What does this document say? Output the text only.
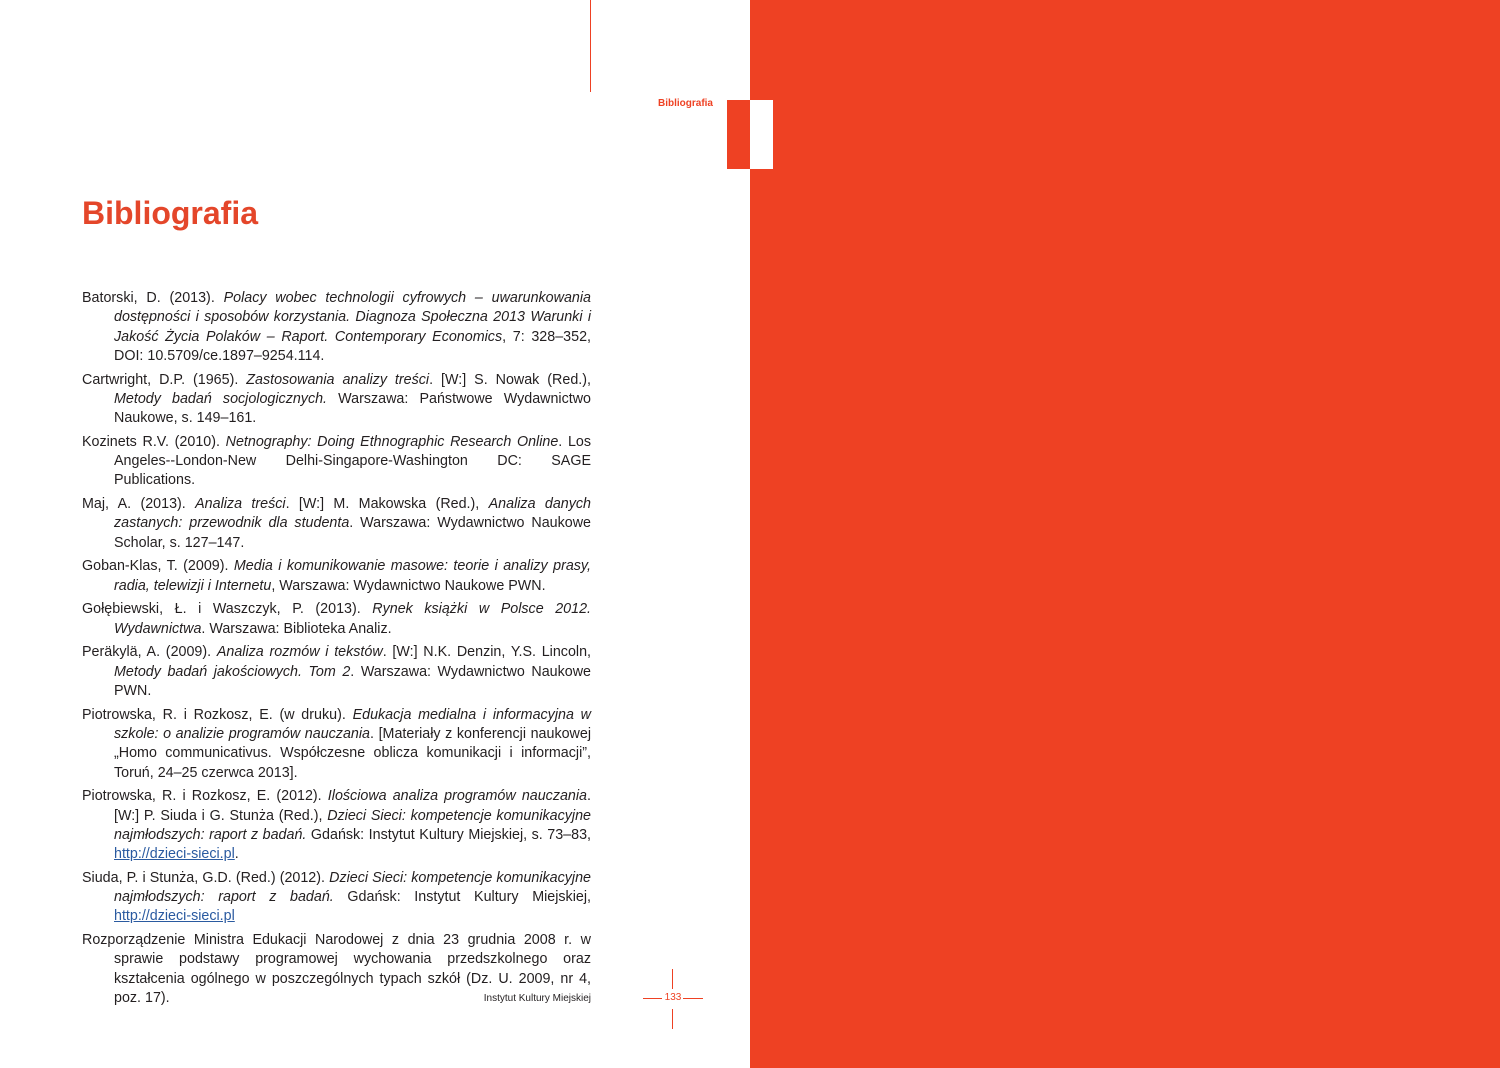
Bibliografia
Bibliografia
Batorski, D. (2013). Polacy wobec technologii cyfrowych – uwarunkowania dostępności i sposobów korzystania. Diagnoza Społeczna 2013 Warunki i Jakość Życia Polaków – Raport. Contemporary Economics, 7: 328–352, DOI: 10.5709/ce.1897–9254.114.
Cartwright, D.P. (1965). Zastosowania analizy treści. [W:] S. Nowak (Red.), Metody badań socjologicznych. Warszawa: Państwowe Wydawnictwo Naukowe, s. 149–161.
Kozinets R.V. (2010). Netnography: Doing Ethnographic Research Online. Los Angeles--London-New Delhi-Singapore-Washington DC: SAGE Publications.
Maj, A. (2013). Analiza treści. [W:] M. Makowska (Red.), Analiza danych zastanych: przewodnik dla studenta. Warszawa: Wydawnictwo Naukowe Scholar, s. 127–147.
Goban-Klas, T. (2009). Media i komunikowanie masowe: teorie i analizy prasy, radia, telewizji i Internetu, Warszawa: Wydawnictwo Naukowe PWN.
Gołębiewski, Ł. i Waszczyk, P. (2013). Rynek książki w Polsce 2012. Wydawnictwa. Warszawa: Biblioteka Analiz.
Peräkylä, A. (2009). Analiza rozmów i tekstów. [W:] N.K. Denzin, Y.S. Lincoln, Metody badań jakościowych. Tom 2. Warszawa: Wydawnictwo Naukowe PWN.
Piotrowska, R. i Rozkosz, E. (w druku). Edukacja medialna i informacyjna w szkole: o analizie programów nauczania. [Materiały z konferencji naukowej „Homo communicativus. Współczesne oblicza komunikacji i informacji”, Toruń, 24–25 czerwca 2013].
Piotrowska, R. i Rozkosz, E. (2012). Ilościowa analiza programów nauczania. [W:] P. Siuda i G. Stunża (Red.), Dzieci Sieci: kompetencje komunikacyjne najmłodszych: raport z badań. Gdańsk: Instytut Kultury Miejskiej, s. 73–83, http://dzieci-sieci.pl.
Siuda, P. i Stunża, G.D. (Red.) (2012). Dzieci Sieci: kompetencje komunikacyjne najmłodszych: raport z badań. Gdańsk: Instytut Kultury Miejskiej, http://dzieci-sieci.pl
Rozporządzenie Ministra Edukacji Narodowej z dnia 23 grudnia 2008 r. w sprawie podstawy programowej wychowania przedszkolnego oraz kształcenia ogólnego w poszczególnych typach szkół (Dz. U. 2009, nr 4, poz. 17).	Instytut Kultury Miejskiej	133
